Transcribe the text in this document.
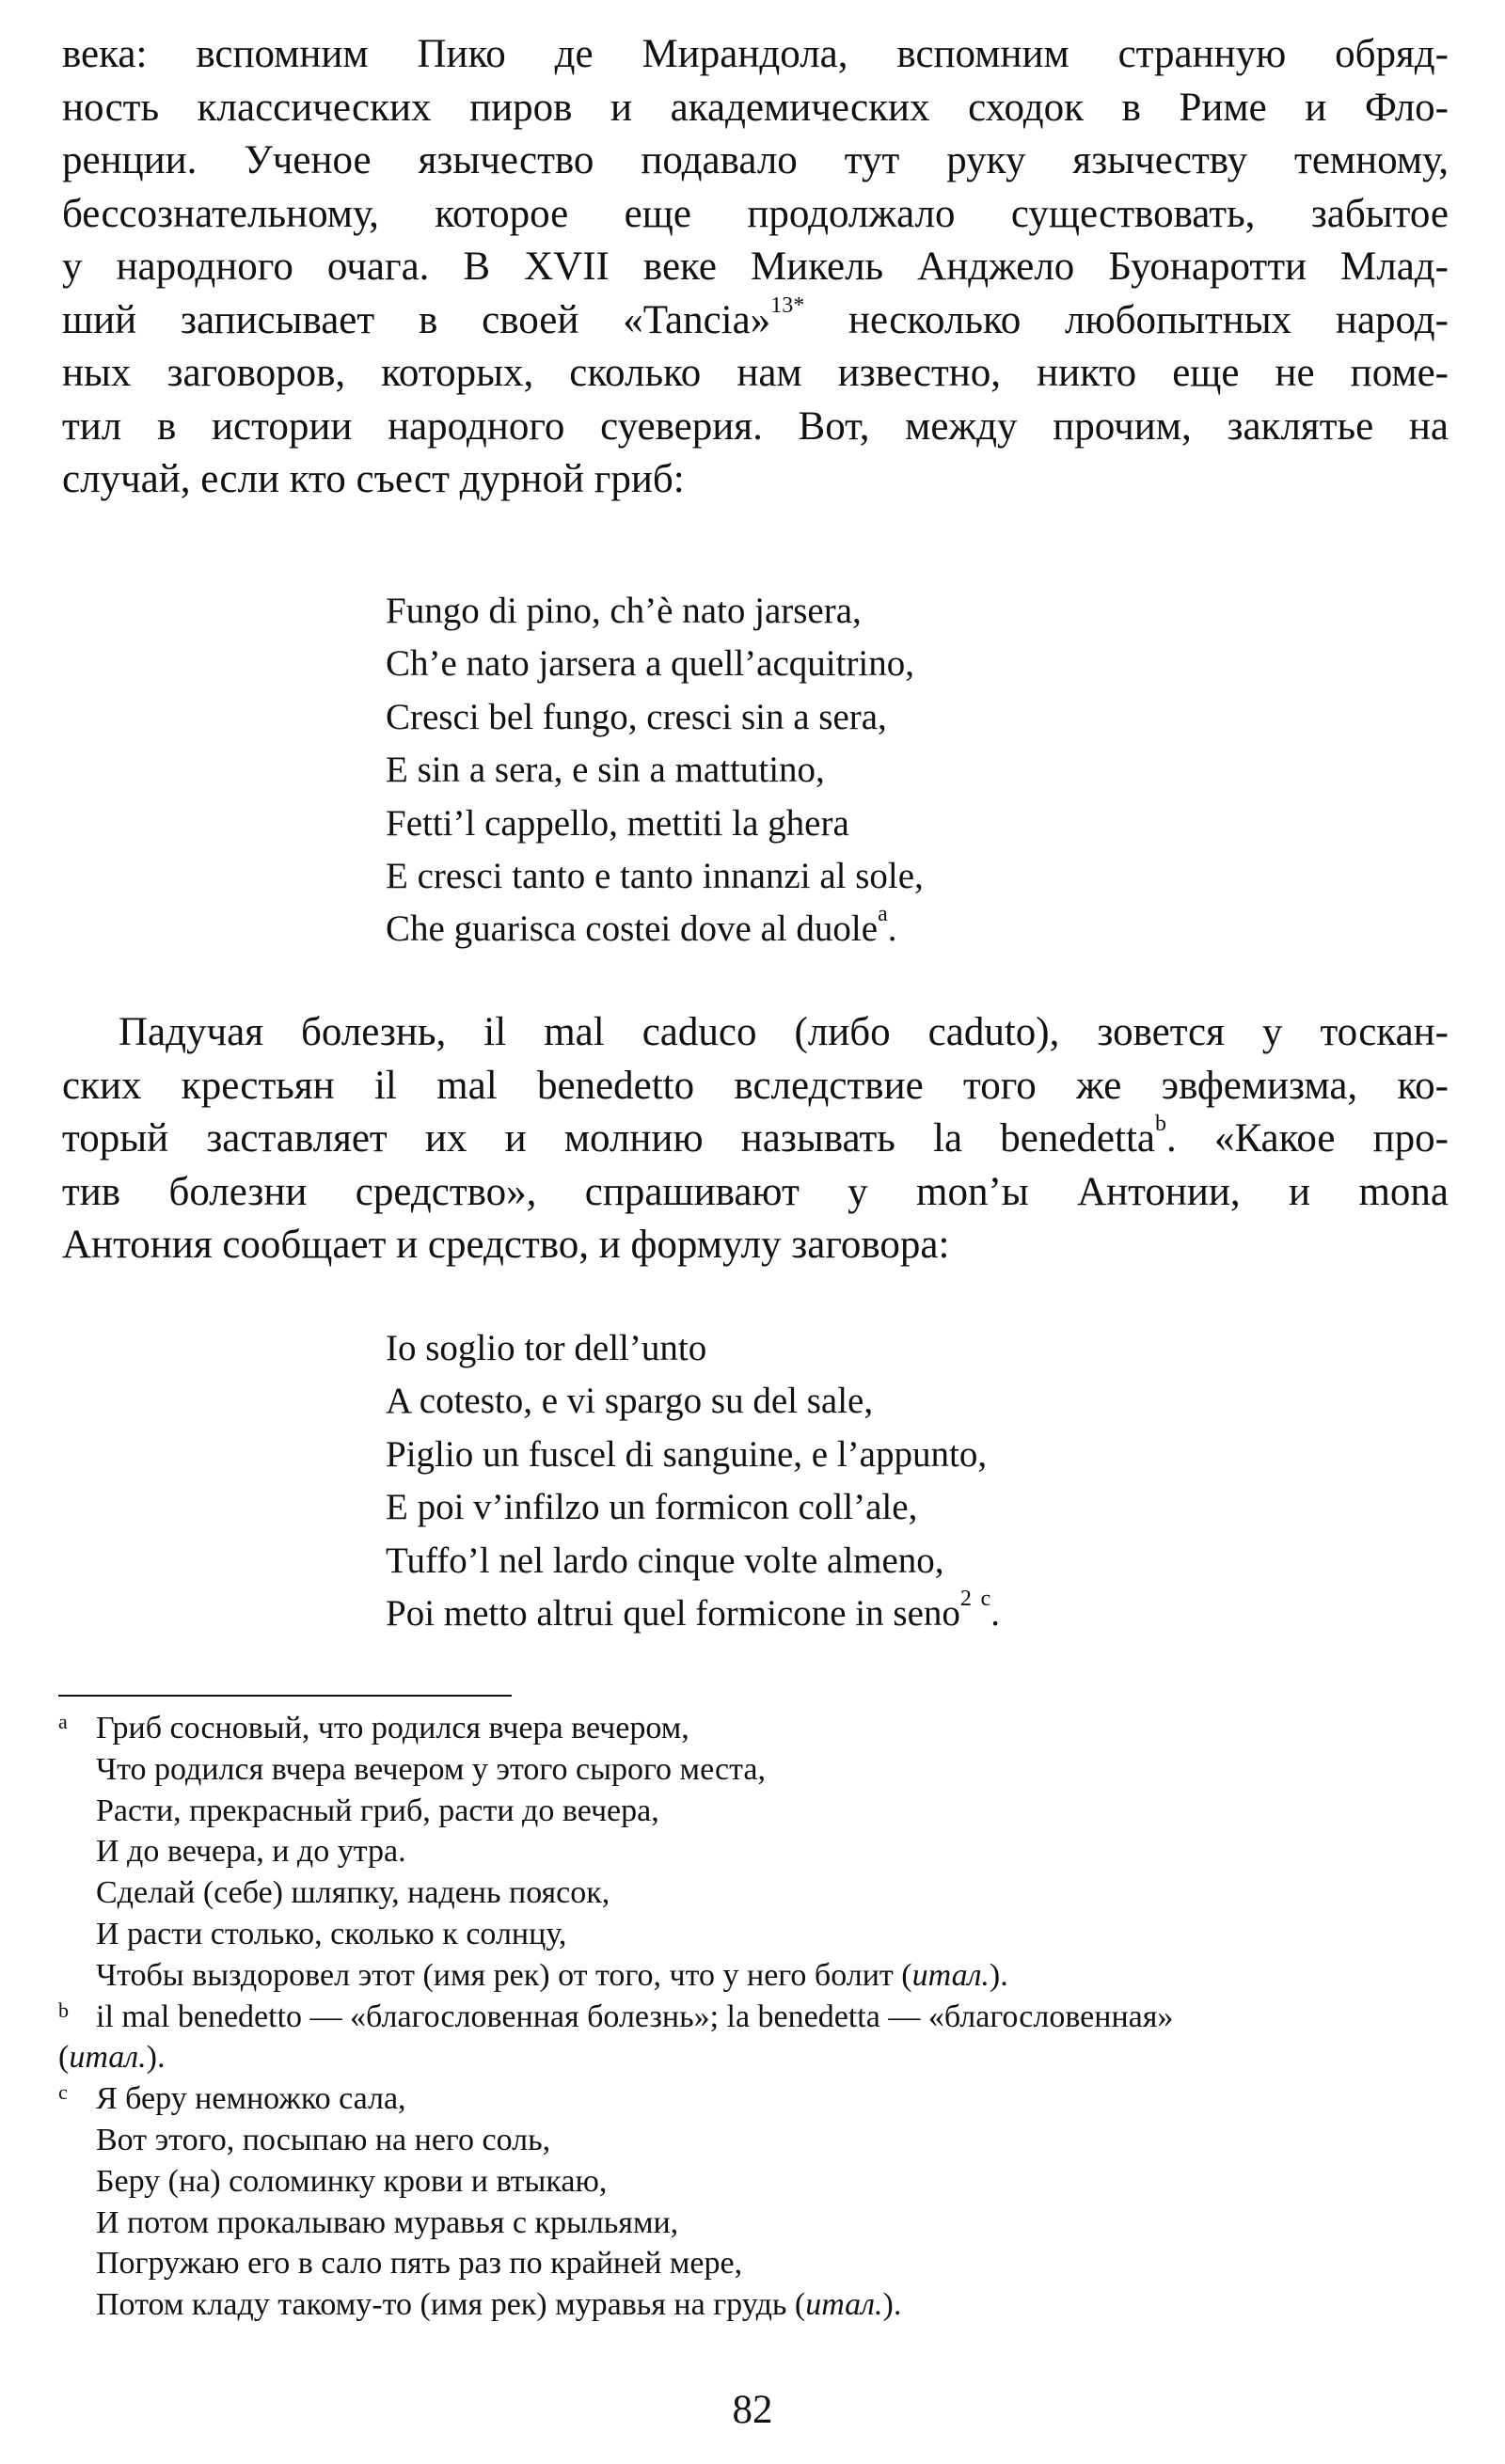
века: вспомним Пико де Мирандола, вспомним странную обряд-
ность классических пиров и академических сходок в Риме и Фло-
ренции. Ученое язычество подавало тут руку язычеству темному,
бессознательному, которое еще продолжало существовать, забытое
у народного очага. В XVII веке Микель Анджело Буонаротти Млад-
ший записывает в своей «Tancia»$^{13*}$ несколько любопытных народ-
ных заговоров, которых, сколько нам известно, никто еще не поме-
тил в истории народного суеверия. Вот, между прочим, заклятье на
случай, если кто съест дурной гриб:
Fungo di pino, ch’è nato jarsera,
Ch’e nato jarsera a quell’acquitrino,
Cresci bel fungo, cresci sin a sera,
E sin a sera, e sin a mattutino,
Fetti’l cappello, mettiti la ghera
E cresci tanto e tanto innanzi al sole,
Che guarisca costei dove al duole$^a$.
Падучая болезнь, il mal caduco (либо caduto), зовется у тоскан-
ских крестьян il mal benedetto вследствие того же эвфемизма, ко-
торый заставляет их и молнию называть la benedetta$^b$. «Какое про-
тив болезни средство», спрашивают у mon’ы Антонии, и mona
Антония сообщает и средство, и формулу заговора:
Io soglio tor dell’unto
A cotesto, e vi spargo su del sale,
Piglio un fuscel di sanguine, e l’appunto,
E poi v’infilzo un formicon coll’ale,
Tuffo’l nel lardo cinque volte almeno,
Poi metto altrui quel formicone in seno$^2$ $^c$.
a Гриб сосновый, что родился вчера вечером,
Что родился вчера вечером у этого сырого места,
Расти, прекрасный гриб, расти до вечера,
И до вечера, и до утра.
Сделай (себе) шляпку, надень поясок,
И расти столько, сколько к солнцу,
Чтобы выздоровел этот (имя рек) от того, что у него болит (итал.).
b il mal benedetto — «благословенная болезнь»; la benedetta — «благословенная»
(итал.).
c Я беру немножко сала,
Вот этого, посыпаю на него соль,
Беру (на) соломинку крови и втыкаю,
И потом прокалываю муравья с крыльями,
Погружаю его в сало пять раз по крайней мере,
Потом кладу такому-то (имя рек) муравья на грудь (итал.).
82
